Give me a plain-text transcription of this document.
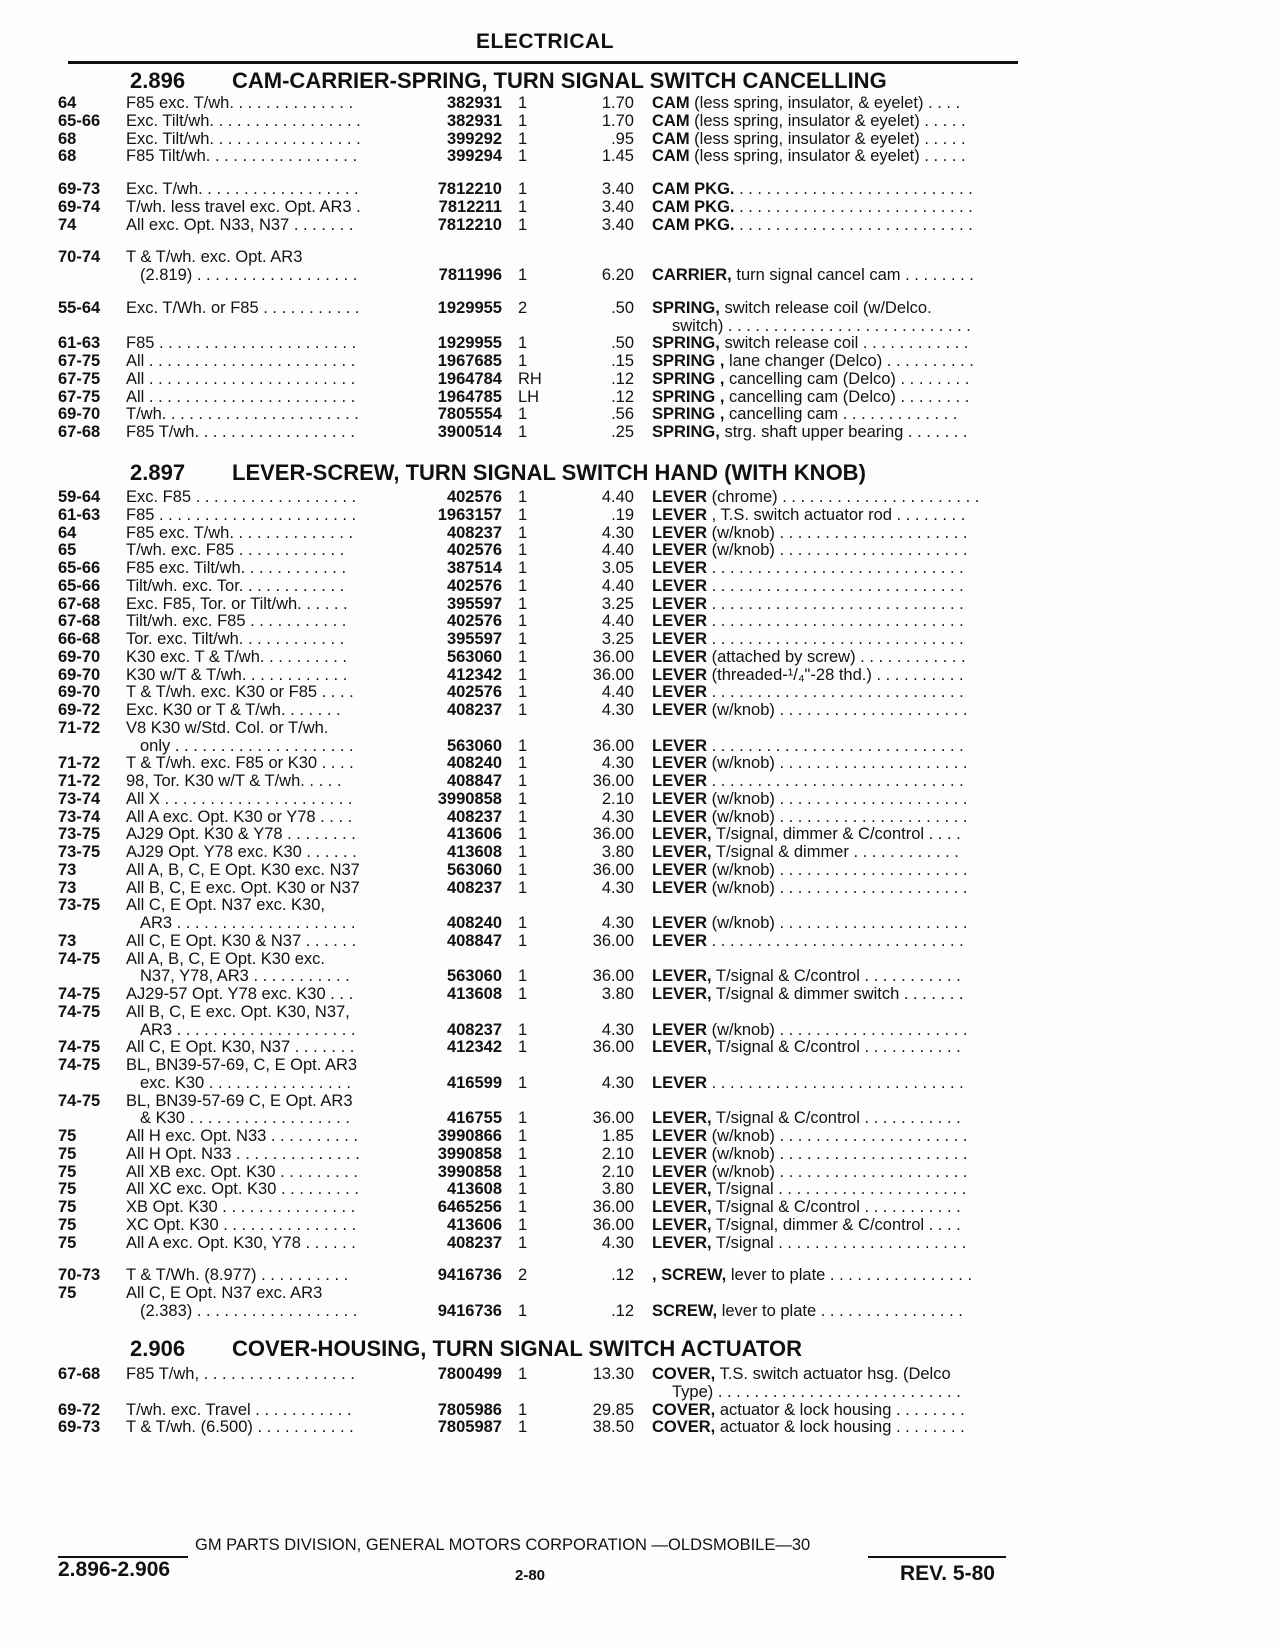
ELECTRICAL
2.896 CAM-CARRIER-SPRING, TURN SIGNAL SWITCH CANCELLING
64	F85 exc. T/wh. . . . . . . . . . . . . .	382931 1	1.70 CAM (less spring, insulator, & eyelet) . . . .
65-66 Exc. Tilt/wh. . . . . . . . . . . . . . . . .	382931 1	1.70 CAM (less spring, insulator & eyelet) . . . . .
68	Exc. Tilt/wh. . . . . . . . . . . . . . . . .	399292 1	.95 CAM (less spring, insulator & eyelet) . . . . .
68	F85 Tilt/wh. . . . . . . . . . . . . . . . .	399294 1	1.45 CAM (less spring, insulator & eyelet) . . . . .
69-73 Exc. T/wh. . . . . . . . . . . . . . . . . .	7812210 1	3.40 CAM PKG. . . . . . . . . . . . . . . . . . . . . . . . . . .
69-74 T/wh. less travel exc. Opt. AR3 .	7812211 1	3.40 CAM PKG. . . . . . . . . . . . . . . . . . . . . . . . . . .
74	All exc. Opt. N33, N37 . . . . . . .	7812210 1	3.40 CAM PKG. . . . . . . . . . . . . . . . . . . . . . . . . . .
70-74 T & T/wh. exc. Opt. AR3
(2.819) . . . . . . . . . . . . . . . . . .	7811996 1	6.20 CARRIER, turn signal cancel cam . . . . . . . .
55-64 Exc. T/Wh. or F85 . . . . . . . . . . .	1929955 2	.50 SPRING, switch release coil (w/Delco.
switch) . . . . . . . . . . . . . . . . . . . . . . . . . . .
61-63 F85 . . . . . . . . . . . . . . . . . . . . . .	1929955 1	.50 SPRING, switch release coil . . . . . . . . . . . .
67-75 All . . . . . . . . . . . . . . . . . . . . . . .	1967685 1	.15 SPRING , lane changer (Delco) . . . . . . . . . .
67-75 All . . . . . . . . . . . . . . . . . . . . . . .	1964784 RH	.12 SPRING , cancelling cam (Delco) . . . . . . . .
67-75 All . . . . . . . . . . . . . . . . . . . . . . .	1964785 LH	.12 SPRING , cancelling cam (Delco) . . . . . . . .
69-70 T/wh. . . . . . . . . . . . . . . . . . . . . .	7805554 1	.56 SPRING , cancelling cam . . . . . . . . . . . . .
67-68 F85 T/wh. . . . . . . . . . . . . . . . . .	3900514 1	.25 SPRING, strg. shaft upper bearing . . . . . . .
2.897 LEVER-SCREW, TURN SIGNAL SWITCH HAND (WITH KNOB)
59-64 Exc. F85 . . . . . . . . . . . . . . . . . .	402576 1	4.40 LEVER (chrome) . . . . . . . . . . . . . . . . . . . . . .
61-63 F85 . . . . . . . . . . . . . . . . . . . . . .	1963157 1	.19 LEVER , T.S. switch actuator rod . . . . . . . .
64	F85 exc. T/wh. . . . . . . . . . . . . .	408237 1	4.30 LEVER (w/knob) . . . . . . . . . . . . . . . . . . . . .
65	T/wh. exc. F85 . . . . . . . . . . . .	402576 1	4.40 LEVER (w/knob) . . . . . . . . . . . . . . . . . . . . .
65-66 F85 exc. Tilt/wh. . . . . . . . . . . .	387514 1	3.05 LEVER . . . . . . . . . . . . . . . . . . . . . . . . . . . .
65-66 Tilt/wh. exc. Tor. . . . . . . . . . . .	402576 1	4.40 LEVER . . . . . . . . . . . . . . . . . . . . . . . . . . . .
67-68 Exc. F85, Tor. or Tilt/wh. . . . . .	395597 1	3.25 LEVER . . . . . . . . . . . . . . . . . . . . . . . . . . . .
67-68 Tilt/wh. exc. F85 . . . . . . . . . . .	402576 1	4.40 LEVER . . . . . . . . . . . . . . . . . . . . . . . . . . . .
66-68 Tor. exc. Tilt/wh. . . . . . . . . . . .	395597 1	3.25 LEVER . . . . . . . . . . . . . . . . . . . . . . . . . . . .
69-70 K30 exc. T & T/wh. . . . . . . . . .	563060 1	36.00 LEVER (attached by screw) . . . . . . . . . . . .
69-70 K30 w/T & T/wh. . . . . . . . . . . .	412342 1	36.00 LEVER (threaded-¹/₄"-28 thd.) . . . . . . . . . .
69-70 T & T/wh. exc. K30 or F85 . . . .	402576 1	4.40 LEVER . . . . . . . . . . . . . . . . . . . . . . . . . . . .
69-72 Exc. K30 or T & T/wh. . . . . . .	408237 1	4.30 LEVER (w/knob) . . . . . . . . . . . . . . . . . . . . .
71-72 V8 K30 w/Std. Col. or T/wh.
only . . . . . . . . . . . . . . . . . . . .	563060 1	36.00 LEVER . . . . . . . . . . . . . . . . . . . . . . . . . . . .
71-72 T & T/wh. exc. F85 or K30 . . . .	408240 1	4.30 LEVER (w/knob) . . . . . . . . . . . . . . . . . . . . .
71-72 98, Tor. K30 w/T & T/wh. . . . .	408847 1	36.00 LEVER . . . . . . . . . . . . . . . . . . . . . . . . . . . .
73-74 All X . . . . . . . . . . . . . . . . . . . . .	3990858 1	2.10 LEVER (w/knob) . . . . . . . . . . . . . . . . . . . . .
73-74 All A exc. Opt. K30 or Y78 . . . .	408237 1	4.30 LEVER (w/knob) . . . . . . . . . . . . . . . . . . . . .
73-75 AJ29 Opt. K30 & Y78 . . . . . . . .	413606 1	36.00 LEVER, T/signal, dimmer & C/control . . . .
73-75 AJ29 Opt. Y78 exc. K30 . . . . . .	413608 1	3.80 LEVER, T/signal & dimmer . . . . . . . . . . . .
73	All A, B, C, E Opt. K30 exc. N37	563060 1	36.00 LEVER (w/knob) . . . . . . . . . . . . . . . . . . . . .
73	All B, C, E exc. Opt. K30 or N37	408237 1	4.30 LEVER (w/knob) . . . . . . . . . . . . . . . . . . . . .
73-75 All C, E Opt. N37 exc. K30,
AR3 . . . . . . . . . . . . . . . . . . . .	408240 1	4.30 LEVER (w/knob) . . . . . . . . . . . . . . . . . . . . .
73	All C, E Opt. K30 & N37 . . . . . .	408847 1	36.00 LEVER . . . . . . . . . . . . . . . . . . . . . . . . . . . .
74-75 All A, B, C, E Opt. K30 exc.
N37, Y78, AR3 . . . . . . . . . . .	563060 1	36.00 LEVER, T/signal & C/control . . . . . . . . . . .
74-75 AJ29-57 Opt. Y78 exc. K30 . . .	413608 1	3.80 LEVER, T/signal & dimmer switch . . . . . . .
74-75 All B, C, E exc. Opt. K30, N37,
AR3 . . . . . . . . . . . . . . . . . . . .	408237 1	4.30 LEVER (w/knob) . . . . . . . . . . . . . . . . . . . . .
74-75 All C, E Opt. K30, N37 . . . . . . .	412342 1	36.00 LEVER, T/signal & C/control . . . . . . . . . . .
74-75 BL, BN39-57-69, C, E Opt. AR3
exc. K30 . . . . . . . . . . . . . . . .	416599 1	4.30 LEVER . . . . . . . . . . . . . . . . . . . . . . . . . . . .
74-75 BL, BN39-57-69 C, E Opt. AR3
& K30 . . . . . . . . . . . . . . . . . .	416755 1	36.00 LEVER, T/signal & C/control . . . . . . . . . . .
75	All H exc. Opt. N33 . . . . . . . . . .	3990866 1	1.85 LEVER (w/knob) . . . . . . . . . . . . . . . . . . . . .
75	All H Opt. N33 . . . . . . . . . . . . . .	3990858 1	2.10 LEVER (w/knob) . . . . . . . . . . . . . . . . . . . . .
75	All XB exc. Opt. K30 . . . . . . . . .	3990858 1	2.10 LEVER (w/knob) . . . . . . . . . . . . . . . . . . . . .
75	All XC exc. Opt. K30 . . . . . . . . .	413608 1	3.80 LEVER, T/signal . . . . . . . . . . . . . . . . . . . . .
75	XB Opt. K30 . . . . . . . . . . . . . . .	6465256 1	36.00 LEVER, T/signal & C/control . . . . . . . . . . .
75	XC Opt. K30 . . . . . . . . . . . . . . .	413606 1	36.00 LEVER, T/signal, dimmer & C/control . . . .
75	All A exc. Opt. K30, Y78 . . . . . .	408237 1	4.30 LEVER, T/signal . . . . . . . . . . . . . . . . . . . . .
70-73 T & T/Wh. (8.977) . . . . . . . . . .	9416736 2	.12 , SCREW, lever to plate . . . . . . . . . . . . . . . .
75	All C, E Opt. N37 exc. AR3
(2.383) . . . . . . . . . . . . . . . . . .	9416736 1	.12 SCREW, lever to plate . . . . . . . . . . . . . . . .
2.906 COVER-HOUSING, TURN SIGNAL SWITCH ACTUATOR
67-68 F85 T/wh, . . . . . . . . . . . . . . . . .	7800499 1	13.30 COVER, T.S. switch actuator hsg. (Delco
Type) . . . . . . . . . . . . . . . . . . . . . . . . . . .
69-72 T/wh. exc. Travel . . . . . . . . . . .	7805986 1	29.85 COVER, actuator & lock housing . . . . . . . .
69-73 T & T/wh. (6.500) . . . . . . . . . . .	7805987 1	38.50 COVER, actuator & lock housing . . . . . . . .
GM PARTS DIVISION, GENERAL MOTORS CORPORATION —OLDSMOBILE—30
2.896-2.906	2-80	REV. 5-80
